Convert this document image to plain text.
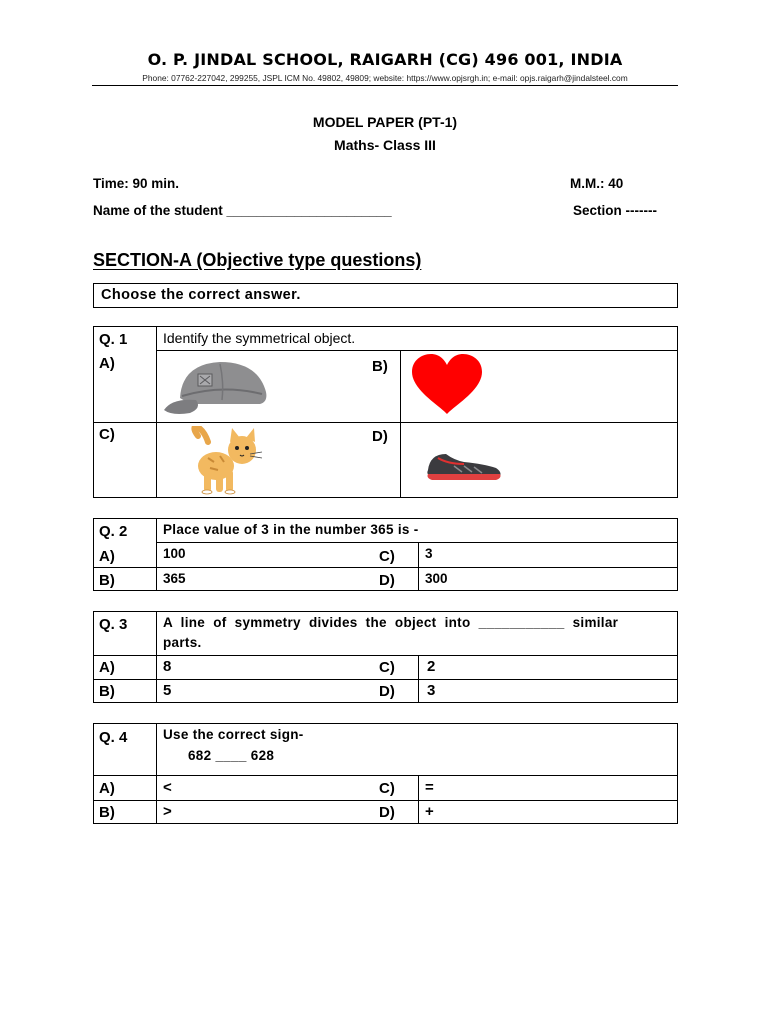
O. P. JINDAL SCHOOL, RAIGARH (CG) 496 001, INDIA
Phone: 07762-227042, 299255, JSPL ICM No. 49802, 49809; website: https://www.opjsrgh.in; e-mail: opjs.raigarh@jindalsteel.com
MODEL PAPER (PT-1)
Maths- Class III
Time: 90 min.	M.M.: 40
Name of the student ______________________	Section -------
SECTION-A (Objective type questions)
Choose the correct answer.
Q. 1	Identify the symmetrical object.
A)	B)
C)	D)
Q. 2	Place value of 3 in the number 365 is -
A)	100	C) 3
B)	365	D) 300
Q. 3	A  line  of  symmetry  divides  the  object  into  ___________  similar
parts.
A)	8	C) 2
B)	5	D) 3
Q. 4	Use the correct sign-
682 ____ 628
A)	<	C) =
B)	>	D) +
